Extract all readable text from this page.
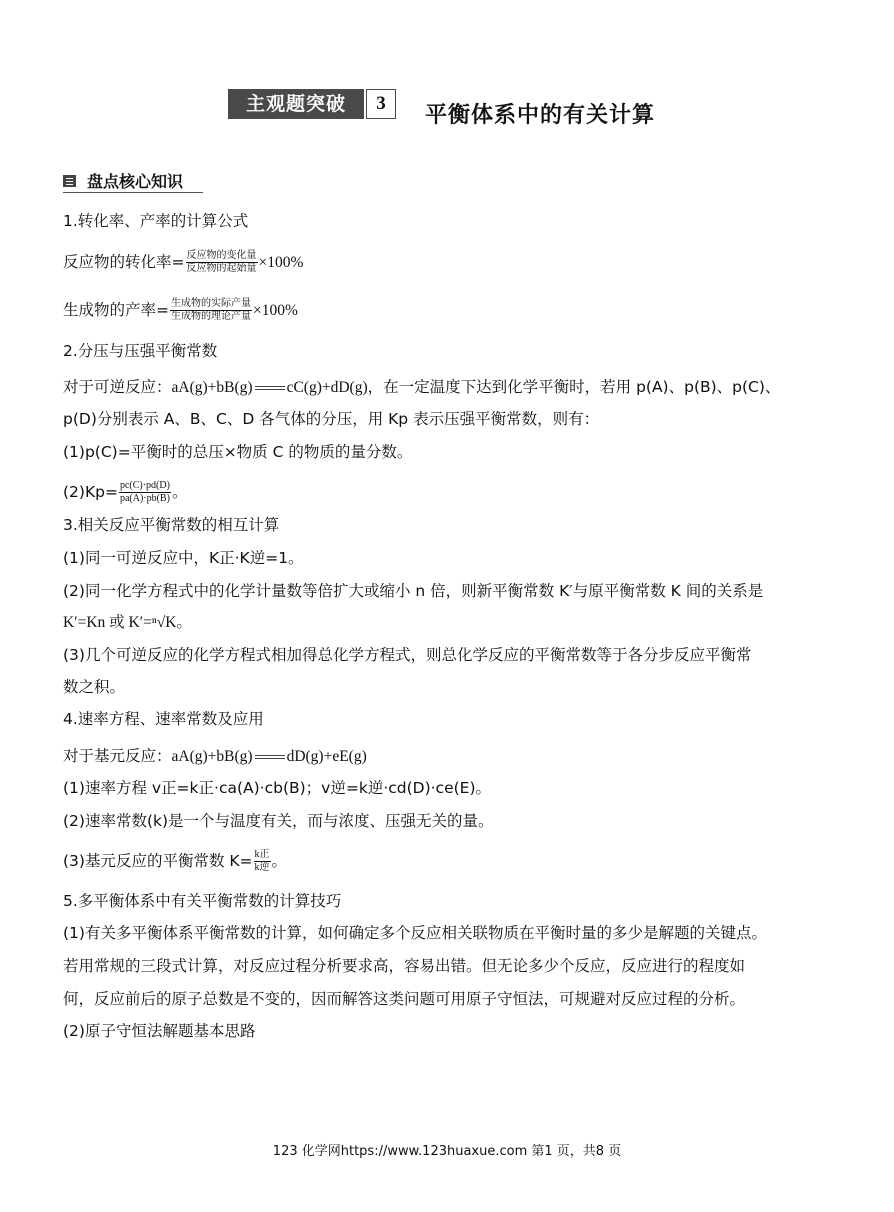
主观题突破	3	平衡体系中的有关计算
盘点核心知识
1.转化率、产率的计算公式
反应物的转化率= $\frac{\text{反应物的变化量}}{\text{反应物的起始量}} \times 100\%$
生成物的产率= $\frac{\text{生成物的实际产量}}{\text{生成物的理论产量}} \times 100\%$
2.分压与压强平衡常数
对于可逆反应：aA(g)+bB(g) cC(g)+dD(g)，在一定温度下达到化学平衡时，若用 p(A)、p(B)、p(C)、
p(D)分别表示 A、B、C、D 各气体的分压，用 Kp 表示压强平衡常数，则有：
(1)p(C)=平衡时的总压×物质 C 的物质的量分数。
$(2)Kp= \frac{pc(C)\cdot pd(D)}{pa(A)\cdot pb(B)}$ 。
3.相关反应平衡常数的相互计算
(1)同一可逆反应中，K正·K逆=1。
(2)同一化学方程式中的化学计量数等倍扩大或缩小 n 倍，则新平衡常数 K′与原平衡常数 K 间的关系是
K′=Kn 或 K′=ⁿ√K。
(3)几个可逆反应的化学方程式相加得总化学方程式，则总化学反应的平衡常数等于各分步反应平衡常
数之积。
4.速率方程、速率常数及应用
对于基元反应：aA(g)+bB(g) dD(g)+eE(g)
(1)速率方程 v正=k正·ca(A)·cb(B)；v逆=k逆·cd(D)·ce(E)。
(2)速率常数(k)是一个与温度有关，而与浓度、压强无关的量。
(3)基元反应的平衡常数 $K= \frac{\text{k正}}{\text{k逆}}$ 。
5.多平衡体系中有关平衡常数的计算技巧
(1)有关多平衡体系平衡常数的计算，如何确定多个反应相关联物质在平衡时量的多少是解题的关键点。
若用常规的三段式计算，对反应过程分析要求高，容易出错。但无论多少个反应，反应进行的程度如
何，反应前后的原子总数是不变的，因而解答这类问题可用原子守恒法，可规避对反应过程的分析。
(2)原子守恒法解题基本思路
123 化学网https://www.123huaxue.com 第1 页，共8 页
